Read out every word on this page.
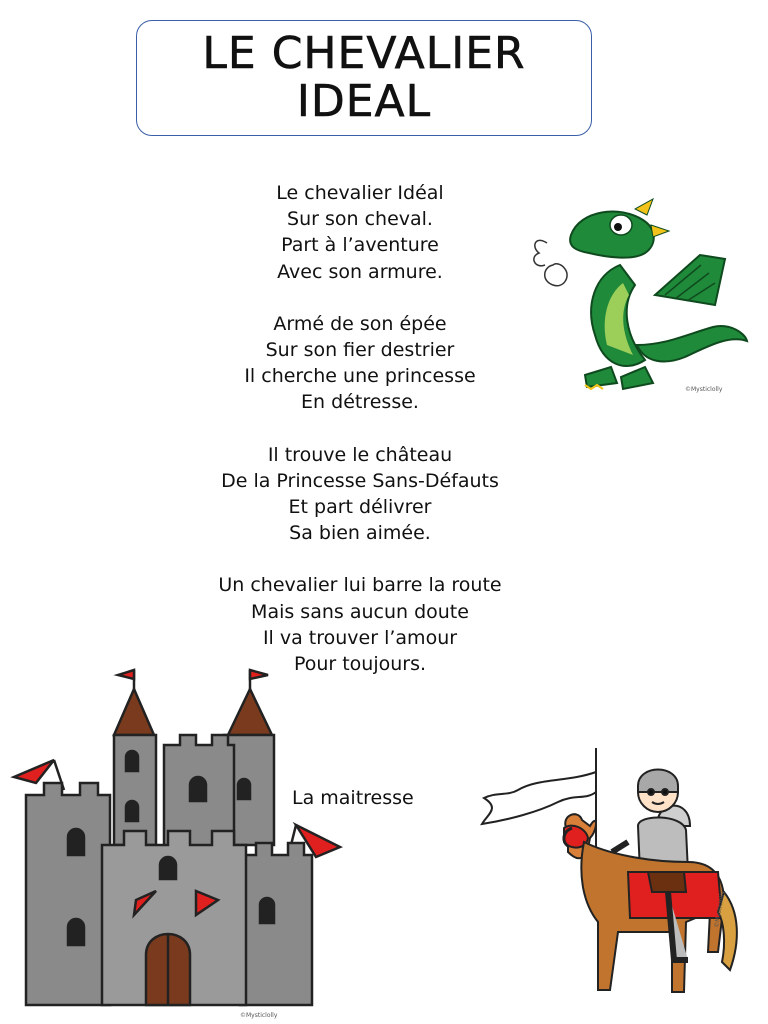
LE CHEVALIER
IDEAL
Le chevalier Idéal
Sur son cheval.
Part à l’aventure
Avec son armure.
Armé de son épée
Sur son fier destrier
Il cherche une princesse
En détresse.
Il trouve le château
De la Princesse Sans-Défauts
Et part délivrer
Sa bien aimée.
Un chevalier lui barre la route
Mais sans aucun doute
Il va trouver l’amour
Pour toujours.
La maitresse
©Mysticlolly
©Mysticlolly
©Mysticlolly
